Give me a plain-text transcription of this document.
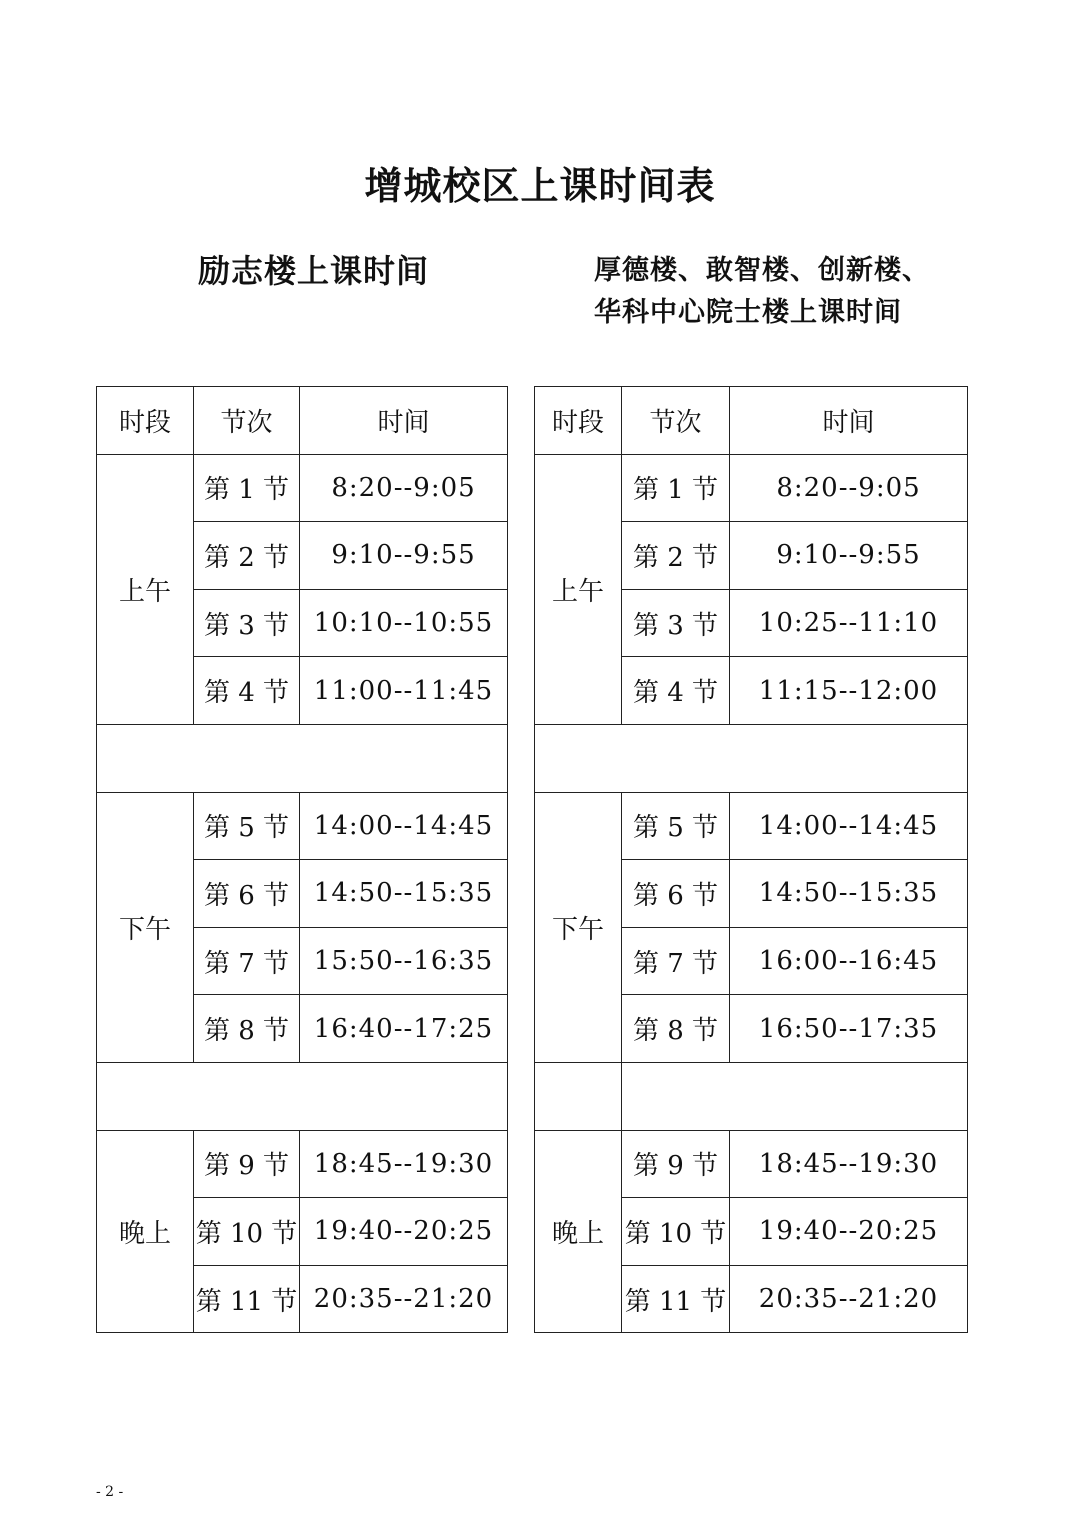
增城校区上课时间表
励志楼上课时间	厚德楼、敢智楼、创新楼、
华科中心院士楼上课时间
时段	节次	时间
上午	第 1 节	8:20--9:05
	第 2 节	9:10--9:55
	第 3 节	10:10--10:55
	第 4 节	11:00--11:45

下午	第 5 节	14:00--14:45
	第 6 节	14:50--15:35
	第 7 节	15:50--16:35
	第 8 节	16:40--17:25

晚上	第 9 节	18:45--19:30
	第 10 节	19:40--20:25
	第 11 节	20:35--21:20
时段	节次	时间
上午	第 1 节	8:20--9:05
	第 2 节	9:10--9:55
	第 3 节	10:25--11:10
	第 4 节	11:15--12:00

下午	第 5 节	14:00--14:45
	第 6 节	14:50--15:35
	第 7 节	16:00--16:45
	第 8 节	16:50--17:35

晚上	第 9 节	18:45--19:30
	第 10 节	19:40--20:25
	第 11 节	20:35--21:20
- 2 -
